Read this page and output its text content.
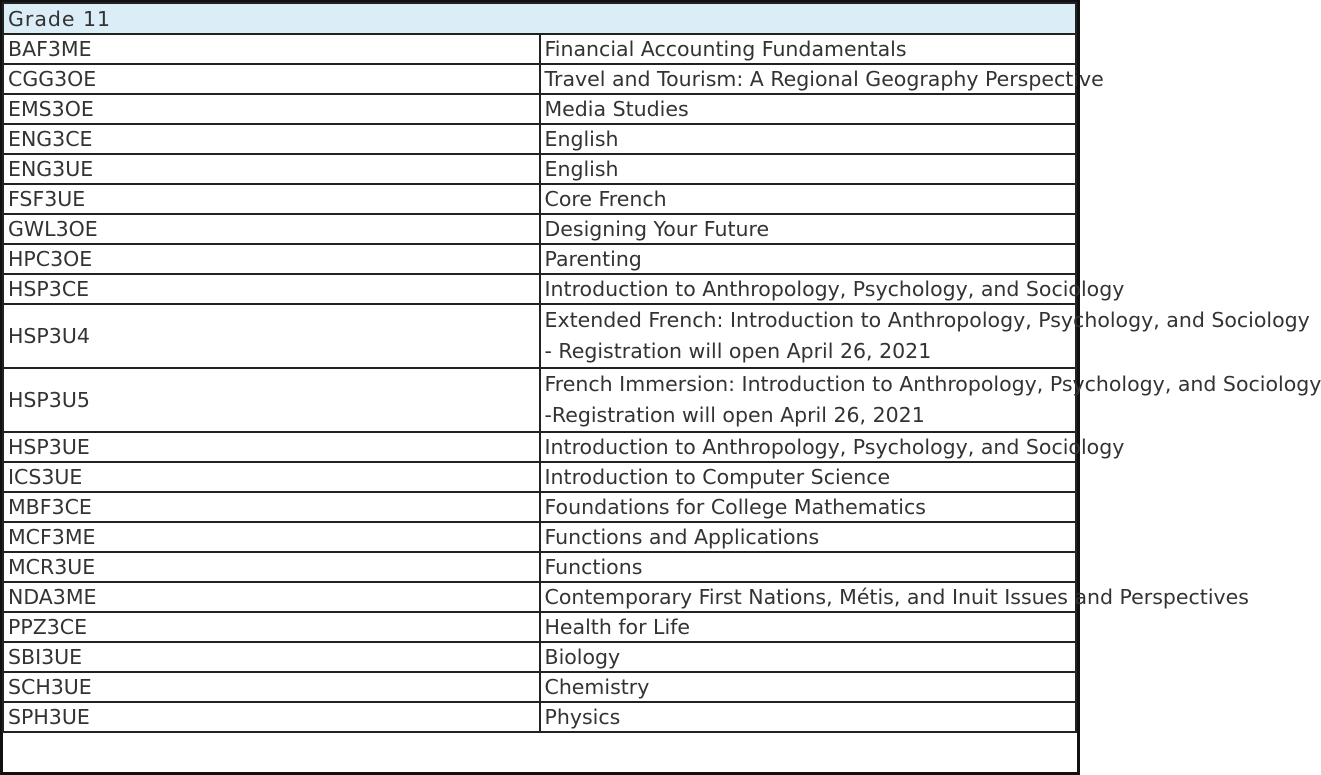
Grade 11	
BAF3ME	Financial Accounting Fundamentals

CGG3OE	Travel and Tourism: A Regional Geography Perspective

EMS3OE	Media Studies

ENG3CE	English

ENG3UE	English

FSF3UE	Core French

GWL3OE	Designing Your Future

HPC3OE	Parenting

HSP3CE	Introduction to Anthropology, Psychology, and Sociology

HSP3U4	Extended French: Introduction to Anthropology, Psychology, and Sociology
- Registration will open April 26, 2021

HSP3U5	French Immersion: Introduction to Anthropology, Psychology, and Sociology
-Registration will open April 26, 2021

HSP3UE	Introduction to Anthropology, Psychology, and Sociology

ICS3UE	Introduction to Computer Science

MBF3CE	Foundations for College Mathematics

MCF3ME	Functions and Applications

MCR3UE	Functions

NDA3ME	Contemporary First Nations, Métis, and Inuit Issues and Perspectives

PPZ3CE	Health for Life

SBI3UE	Biology

SCH3UE	Chemistry

SPH3UE	Physics
